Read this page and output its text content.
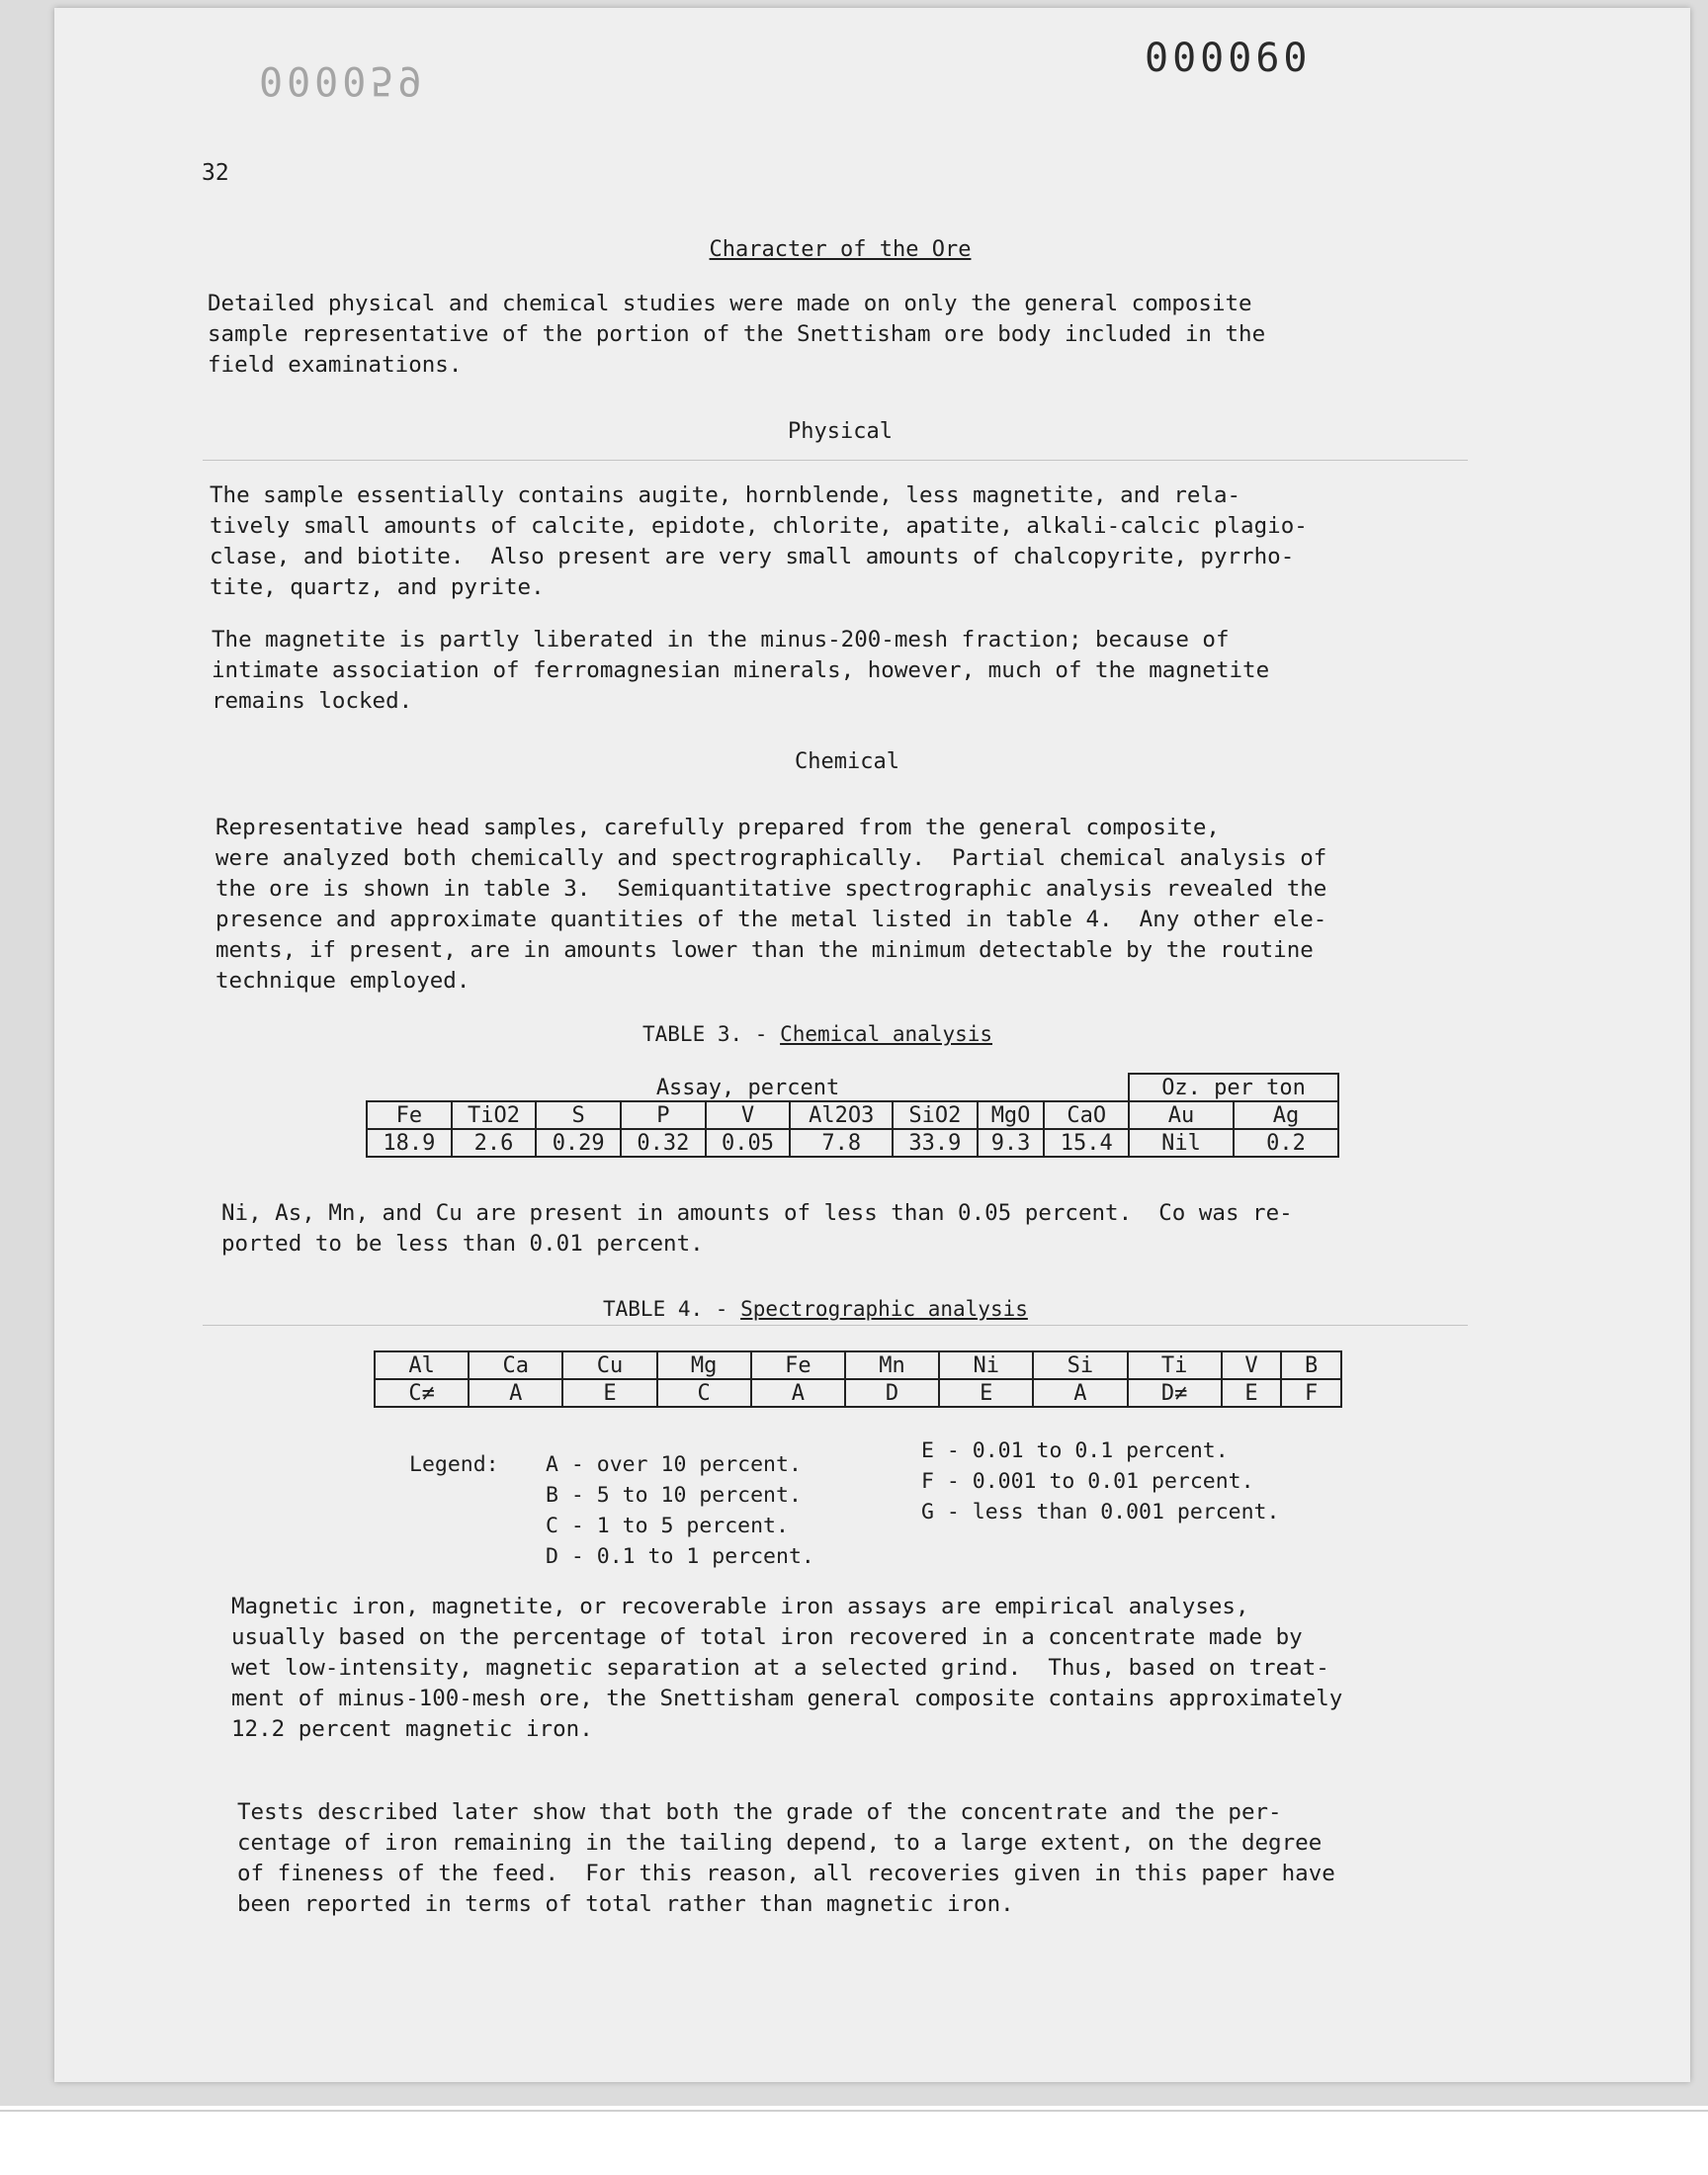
000059	000060
32
Character of the Ore
Detailed physical and chemical studies were made on only the general composite
sample representative of the portion of the Snettisham ore body included in the
field examinations.
Physical
The sample essentially contains augite, hornblende, less magnetite, and rela-
tively small amounts of calcite, epidote, chlorite, apatite, alkali-calcic plagio-
clase, and biotite.  Also present are very small amounts of chalcopyrite, pyrrho-
tite, quartz, and pyrite.
The magnetite is partly liberated in the minus-200-mesh fraction; because of
intimate association of ferromagnesian minerals, however, much of the magnetite
remains locked.
Chemical
Representative head samples, carefully prepared from the general composite,
were analyzed both chemically and spectrographically.  Partial chemical analysis of
the ore is shown in table 3.  Semiquantitative spectrographic analysis revealed the
presence and approximate quantities of the metal listed in table 4.  Any other ele-
ments, if present, are in amounts lower than the minimum detectable by the routine
technique employed.
TABLE 3. - Chemical analysis
Assay, percent									Oz. per ton	
Fe	TiO2	S	P	V	Al2O3	SiO2	MgO	CaO	Au	Ag
18.9	2.6	0.29	0.32	0.05	7.8	33.9	9.3	15.4	Nil	0.2
Ni, As, Mn, and Cu are present in amounts of less than 0.05 percent.  Co was re-
ported to be less than 0.01 percent.
TABLE 4. - Spectrographic analysis
Al	Ca	Cu	Mg	Fe	Mn	Ni	Si	Ti	V	B
C≠	A	E	C	A	D	E	A	D≠	E	F
Legend: A - over 10 percent.
B - 5 to 10 percent.
C - 1 to 5 percent.
D - 0.1 to 1 percent.
E - 0.01 to 0.1 percent.
F - 0.001 to 0.01 percent.
G - less than 0.001 percent.
Magnetic iron, magnetite, or recoverable iron assays are empirical analyses,
usually based on the percentage of total iron recovered in a concentrate made by
wet low-intensity, magnetic separation at a selected grind.  Thus, based on treat-
ment of minus-100-mesh ore, the Snettisham general composite contains approximately
12.2 percent magnetic iron.
Tests described later show that both the grade of the concentrate and the per-
centage of iron remaining in the tailing depend, to a large extent, on the degree
of fineness of the feed.  For this reason, all recoveries given in this paper have
been reported in terms of total rather than magnetic iron.
